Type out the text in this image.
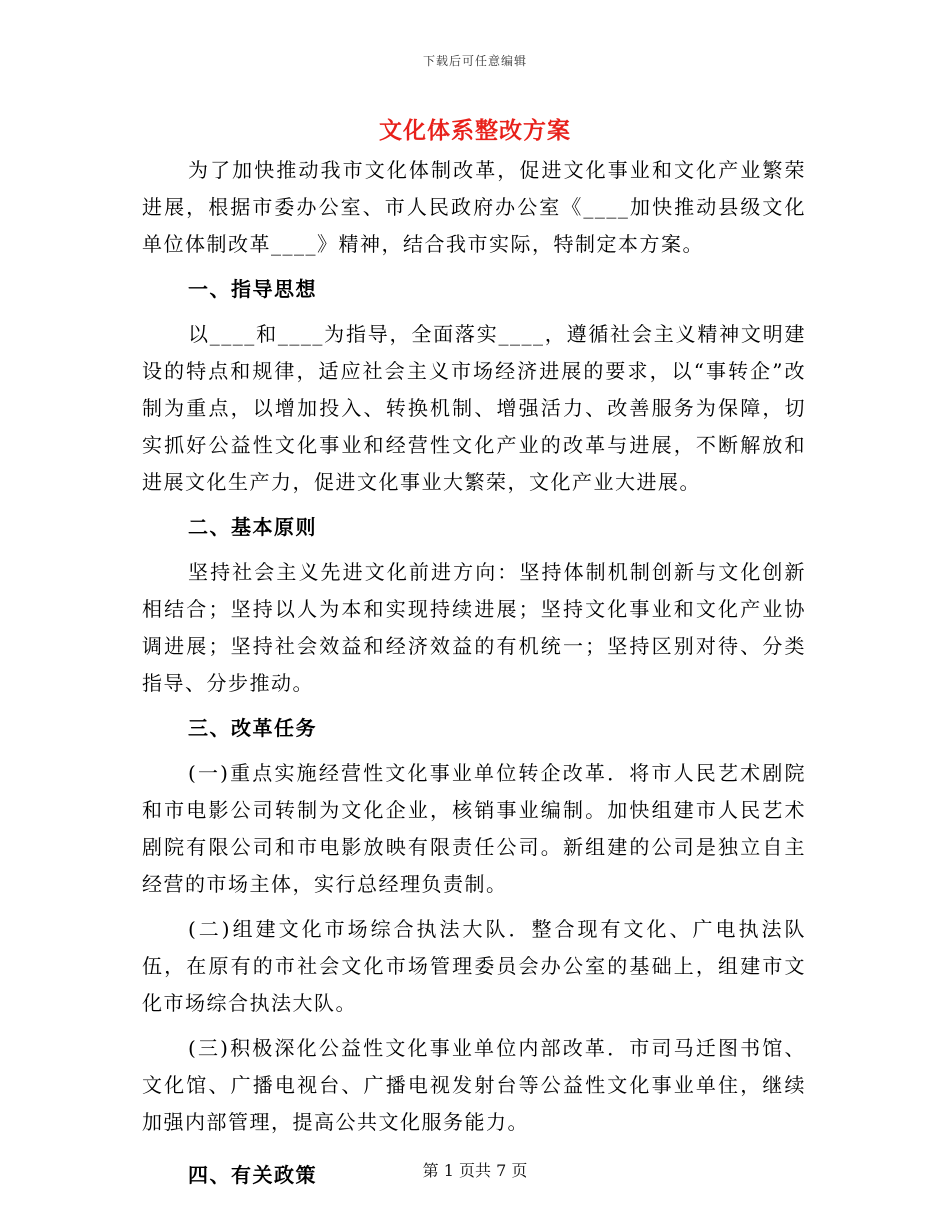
下载后可任意编辑
文化体系整改方案

为了加快推动我市文化体制改革，促进文化事业和文化产业繁荣进展，根据市委办公室、市人民政府办公室《____加快推动县级文化单位体制改革____》精神，结合我市实际，特制定本方案。

一、指导思想

以____和____为指导，全面落实____，遵循社会主义精神文明建设的特点和规律，适应社会主义市场经济进展的要求，以“事转企”改制为重点，以增加投入、转换机制、增强活力、改善服务为保障，切实抓好公益性文化事业和经营性文化产业的改革与进展，不断解放和进展文化生产力，促进文化事业大繁荣，文化产业大进展。

二、基本原则

坚持社会主义先进文化前进方向：坚持体制机制创新与文化创新相结合；坚持以人为本和实现持续进展；坚持文化事业和文化产业协调进展；坚持社会效益和经济效益的有机统一；坚持区别对待、分类指导、分步推动。

三、改革任务

(一)重点实施经营性文化事业单位转企改革．将市人民艺术剧院和市电影公司转制为文化企业，核销事业编制。加快组建市人民艺术剧院有限公司和市电影放映有限责任公司。新组建的公司是独立自主经营的市场主体，实行总经理负责制。

(二)组建文化市场综合执法大队．整合现有文化、广电执法队伍，在原有的市社会文化市场管理委员会办公室的基础上，组建市文化市场综合执法大队。

(三)积极深化公益性文化事业单位内部改革．市司马迁图书馆、文化馆、广播电视台、广播电视发射台等公益性文化事业单住，继续加强内部管理，提高公共文化服务能力。

四、有关政策	第 1 页共 7 页
